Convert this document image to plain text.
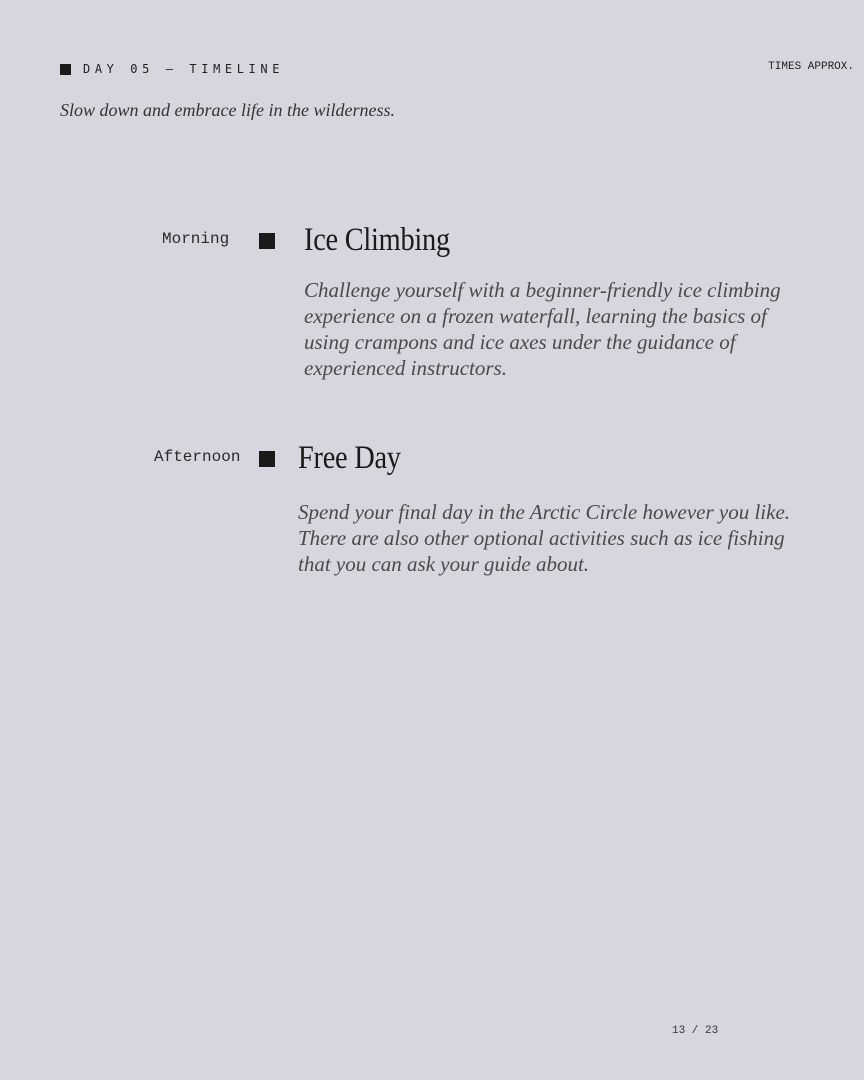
DAY 05 — TIMELINE	TIMES APPROX.
Slow down and embrace life in the wilderness.
Morning Ice Climbing

Challenge yourself with a beginner-friendly ice climbing experience on a frozen waterfall, learning the basics of using crampons and ice axes under the guidance of experienced instructors.

Afternoon Free Day

Spend your final day in the Arctic Circle however you like. There are also other optional activities such as ice fishing that you can ask your guide about.

13 / 23
